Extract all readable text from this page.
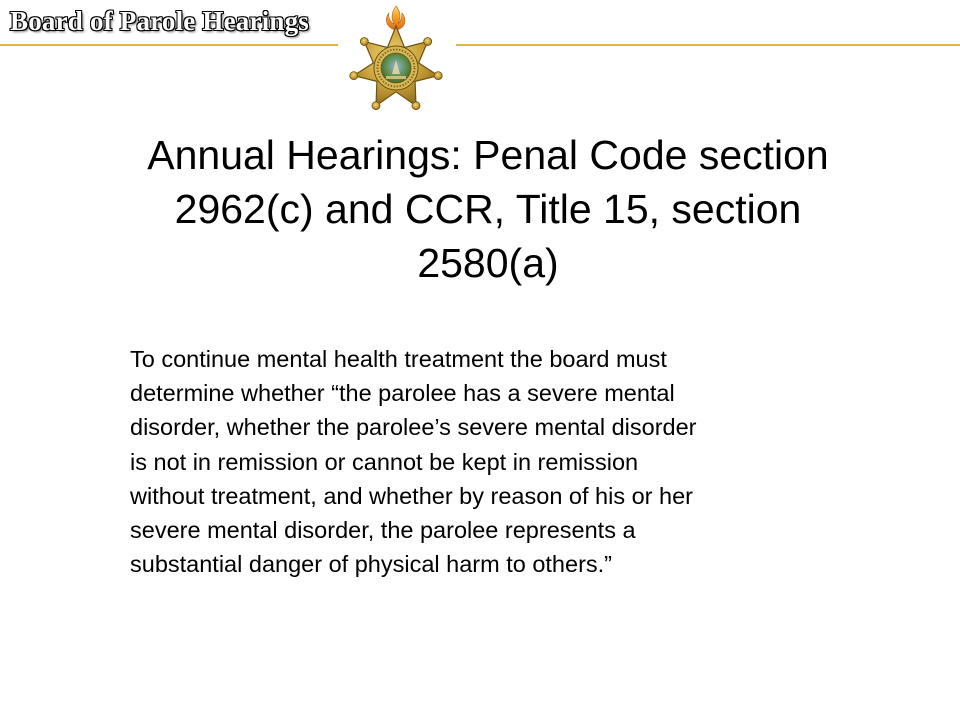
Board of Parole Hearings
Annual Hearings: Penal Code section
2962(c) and CCR, Title 15, section
2580(a)

To continue mental health treatment the board must
determine whether “the parolee has a severe mental
disorder, whether the parolee’s severe mental disorder
is not in remission or cannot be kept in remission
without treatment, and whether by reason of his or her
severe mental disorder, the parolee represents a
substantial danger of physical harm to others.”
